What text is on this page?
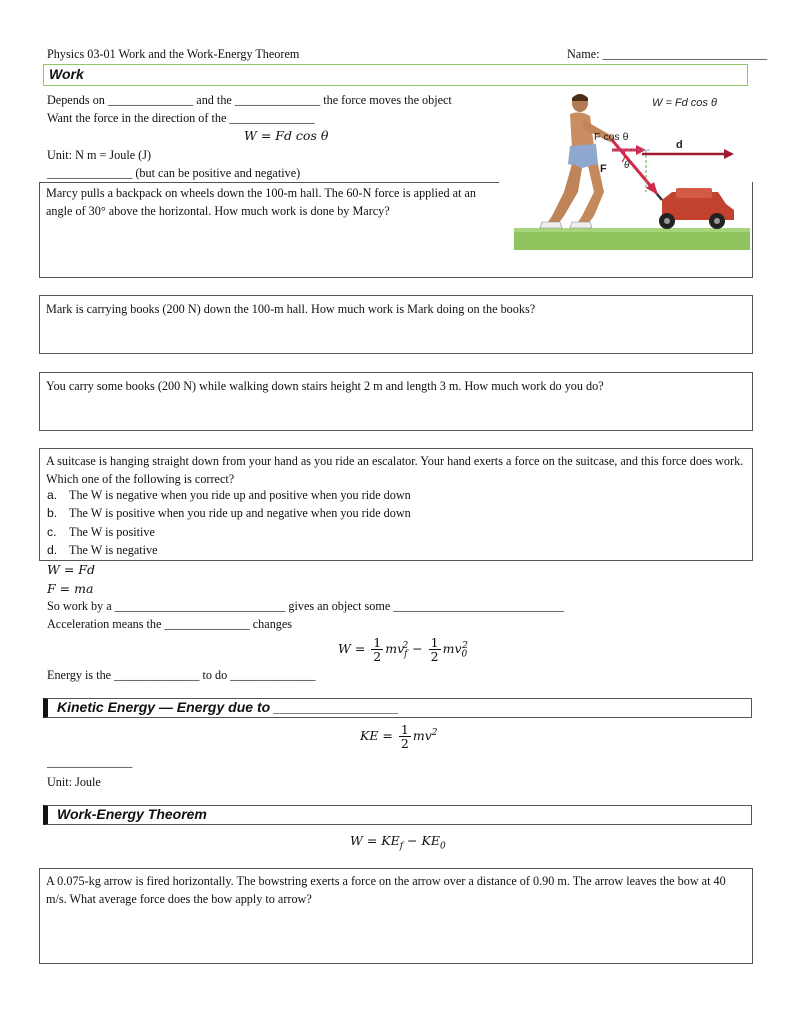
Physics 03-01 Work and the Work-Energy Theorem	Name: ___________________________
Work
Depends on ______________ and the ______________ the force moves the object
Want the force in the direction of the ______________
W = Fd cos θ
Unit: N m = Joule (J)
______________ (but can be positive and negative)
W = Fd cos θ
F cos θ
d
F θ
Marcy pulls a backpack on wheels down the 100-m hall. The 60-N force is applied at an angle of 30° above the horizontal. How much work is done by Marcy?
Mark is carrying books (200 N) down the 100-m hall. How much work is Mark doing on the books?
You carry some books (200 N) while walking down stairs height 2 m and length 3 m. How much work do you do?
A suitcase is hanging straight down from your hand as you ride an escalator. Your hand exerts a force on the suitcase, and this force does work. Which one of the following is correct?
a. The W is negative when you ride up and positive when you ride down
b. The W is positive when you ride up and negative when you ride down
c. The W is positive
d. The W is negative
W = Fd
F = ma
So work by a ____________________________ gives an object some ____________________________
Acceleration means the ______________ changes
$W = \frac{1}{2} mv_f^2 - \frac{1}{2} mv_0^2$
Energy is the ______________ to do ______________
Kinetic Energy — Energy due to ________________
KE = $\frac{1}{2} mv^2$
______________
Unit: Joule
Work-Energy Theorem
$W = KE_f - KE_0$
A 0.075-kg arrow is fired horizontally. The bowstring exerts a force on the arrow over a distance of 0.90 m. The arrow leaves the bow at 40 m/s. What average force does the bow apply to arrow?
